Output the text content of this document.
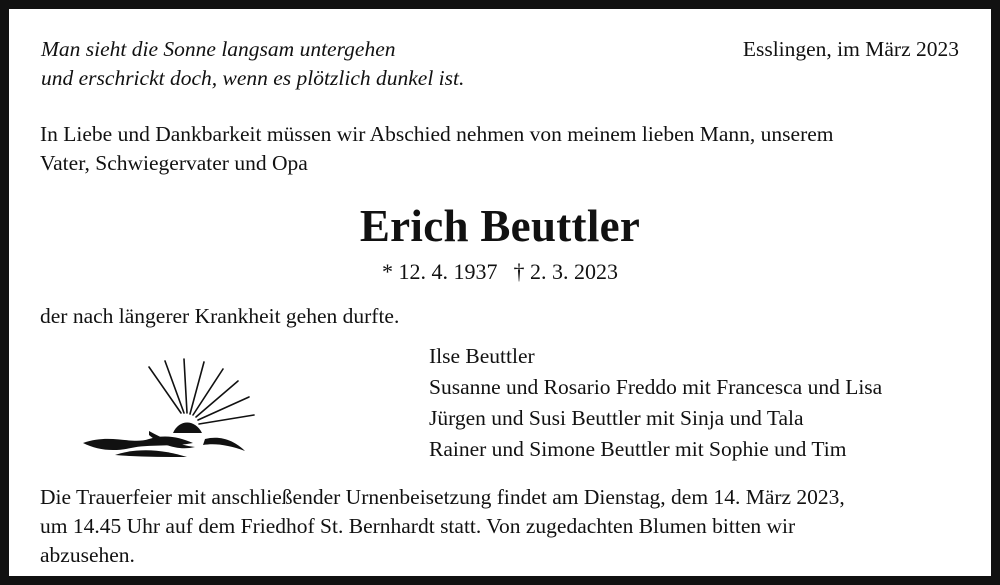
Man sieht die Sonne langsam untergehen
und erschrickt doch, wenn es plötzlich dunkel ist.
Esslingen, im März 2023
In Liebe und Dankbarkeit müssen wir Abschied nehmen von meinem lieben Mann, unserem
Vater, Schwiegervater und Opa
Erich Beuttler
* 12. 4. 1937 † 2. 3. 2023
der nach längerer Krankheit gehen durfte.
Ilse Beuttler
Susanne und Rosario Freddo mit Francesca und Lisa
Jürgen und Susi Beuttler mit Sinja und Tala
Rainer und Simone Beuttler mit Sophie und Tim
Die Trauerfeier mit anschließender Urnenbeisetzung findet am Dienstag, dem 14. März 2023,
um 14.45 Uhr auf dem Friedhof St. Bernhardt statt. Von zugedachten Blumen bitten wir
abzusehen.
